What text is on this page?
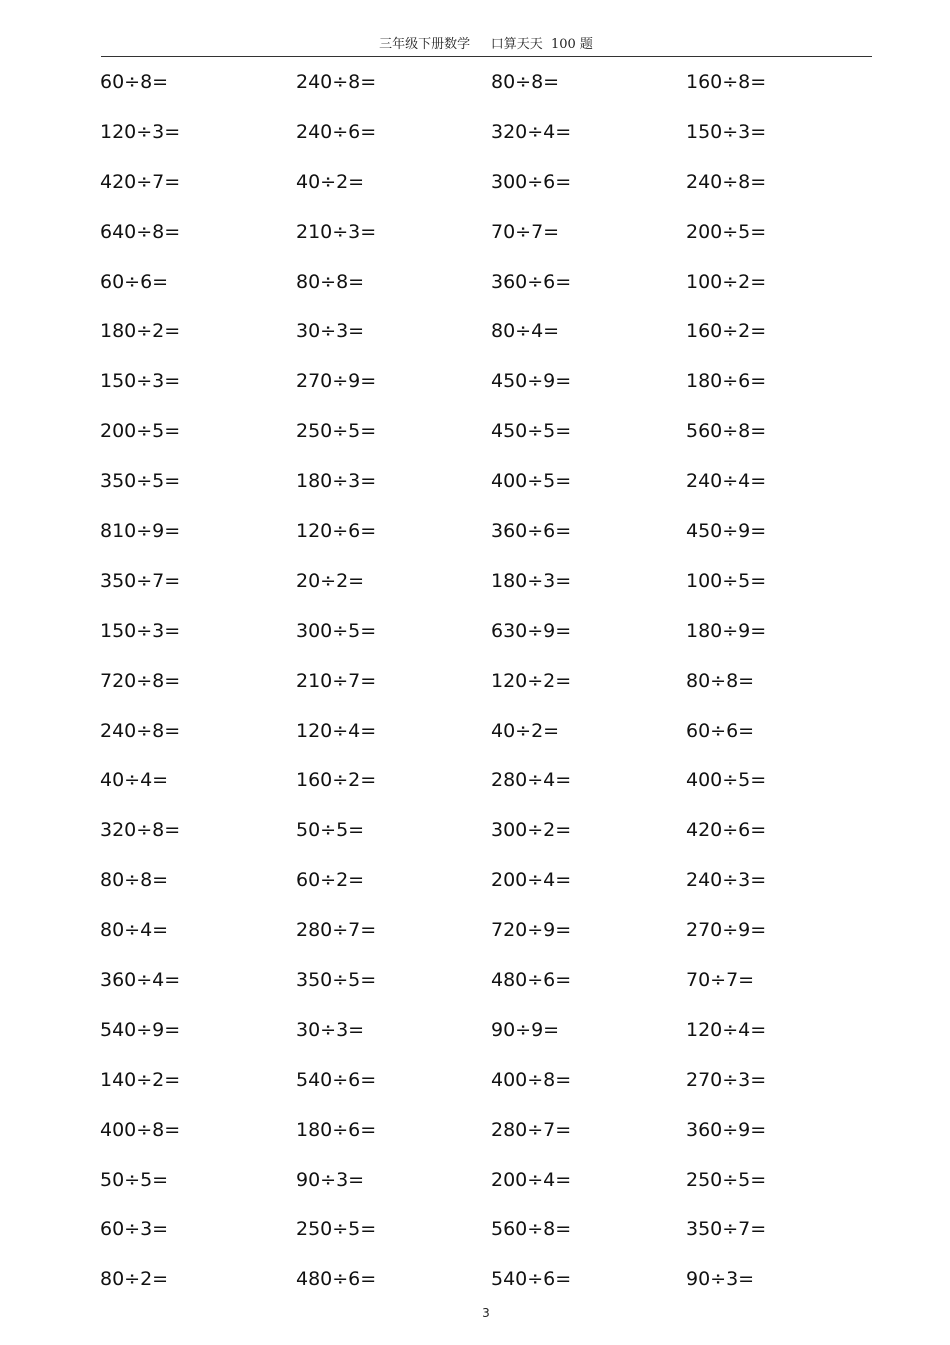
三年级下册数学     口算天天  100 题
60÷8=	240÷8=	80÷8=	160÷8=
120÷3=	240÷6=	320÷4=	150÷3=
420÷7=	40÷2=	300÷6=	240÷8=
640÷8=	210÷3=	70÷7=	200÷5=
60÷6=	80÷8=	360÷6=	100÷2=
180÷2=	30÷3=	80÷4=	160÷2=
150÷3=	270÷9=	450÷9=	180÷6=
200÷5=	250÷5=	450÷5=	560÷8=
350÷5=	180÷3=	400÷5=	240÷4=
810÷9=	120÷6=	360÷6=	450÷9=
350÷7=	20÷2=	180÷3=	100÷5=
150÷3=	300÷5=	630÷9=	180÷9=
720÷8=	210÷7=	120÷2=	80÷8=
240÷8=	120÷4=	40÷2=	60÷6=
40÷4=	160÷2=	280÷4=	400÷5=
320÷8=	50÷5=	300÷2=	420÷6=
80÷8=	60÷2=	200÷4=	240÷3=
80÷4=	280÷7=	720÷9=	270÷9=
360÷4=	350÷5=	480÷6=	70÷7=
540÷9=	30÷3=	90÷9=	120÷4=
140÷2=	540÷6=	400÷8=	270÷3=
400÷8=	180÷6=	280÷7=	360÷9=
50÷5=	90÷3=	200÷4=	250÷5=
60÷3=	250÷5=	560÷8=	350÷7=
80÷2=	480÷6=	540÷6=	90÷3=
3
